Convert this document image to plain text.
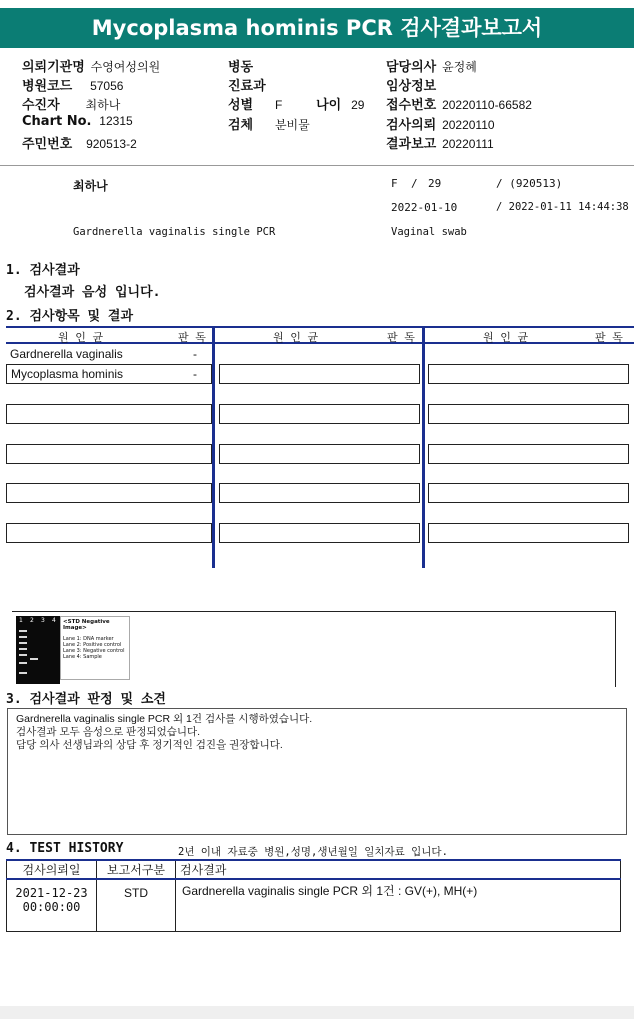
Mycoplasma hominis PCR 검사결과보고서
의뢰기관명 수영여성의원
병원코드 57056
수진자 최하나
Chart No. 12315
주민번호 920513-2
병동
진료과
성별 F	나이 29
검체 분비물
담당의사 윤정혜
임상정보
접수번호 20220110-66582
검사의뢰 20220110
결과보고 20220111
최하나	F / 29	/ (920513)
2022-01-10	/ 2022-01-11 14:44:38
Gardnerella vaginalis single PCR	Vaginal swab
1. 검사결과
검사결과 음성 입니다.
2. 검사항목 및 결과
원 인 균	판 독	원 인 균	판 독	원 인 균	판 독
Gardnerella vaginalis	-
Mycoplasma hominis	-
1 2 3 4 <STD Negative Image>
Lane 1: DNA marker
Lane 2: Positive control
Lane 3: Negative control
Lane 4: Sample
3. 검사결과 판정 및 소견
Gardnerella vaginalis single PCR 외 1건 검사를 시행하였습니다.
검사결과 모두 음성으로 판정되었습니다.
담당 의사 선생님과의 상담 후 정기적인 검진을 권장합니다.
4. TEST HISTORY	2년 이내 자료중 병원,성명,생년월일 일치자료 입니다.
검사의뢰일	보고서구분	검사결과

2021-12-23
00:00:00	STD	Gardnerella vaginalis single PCR 외 1건 : GV(+), MH(+)
